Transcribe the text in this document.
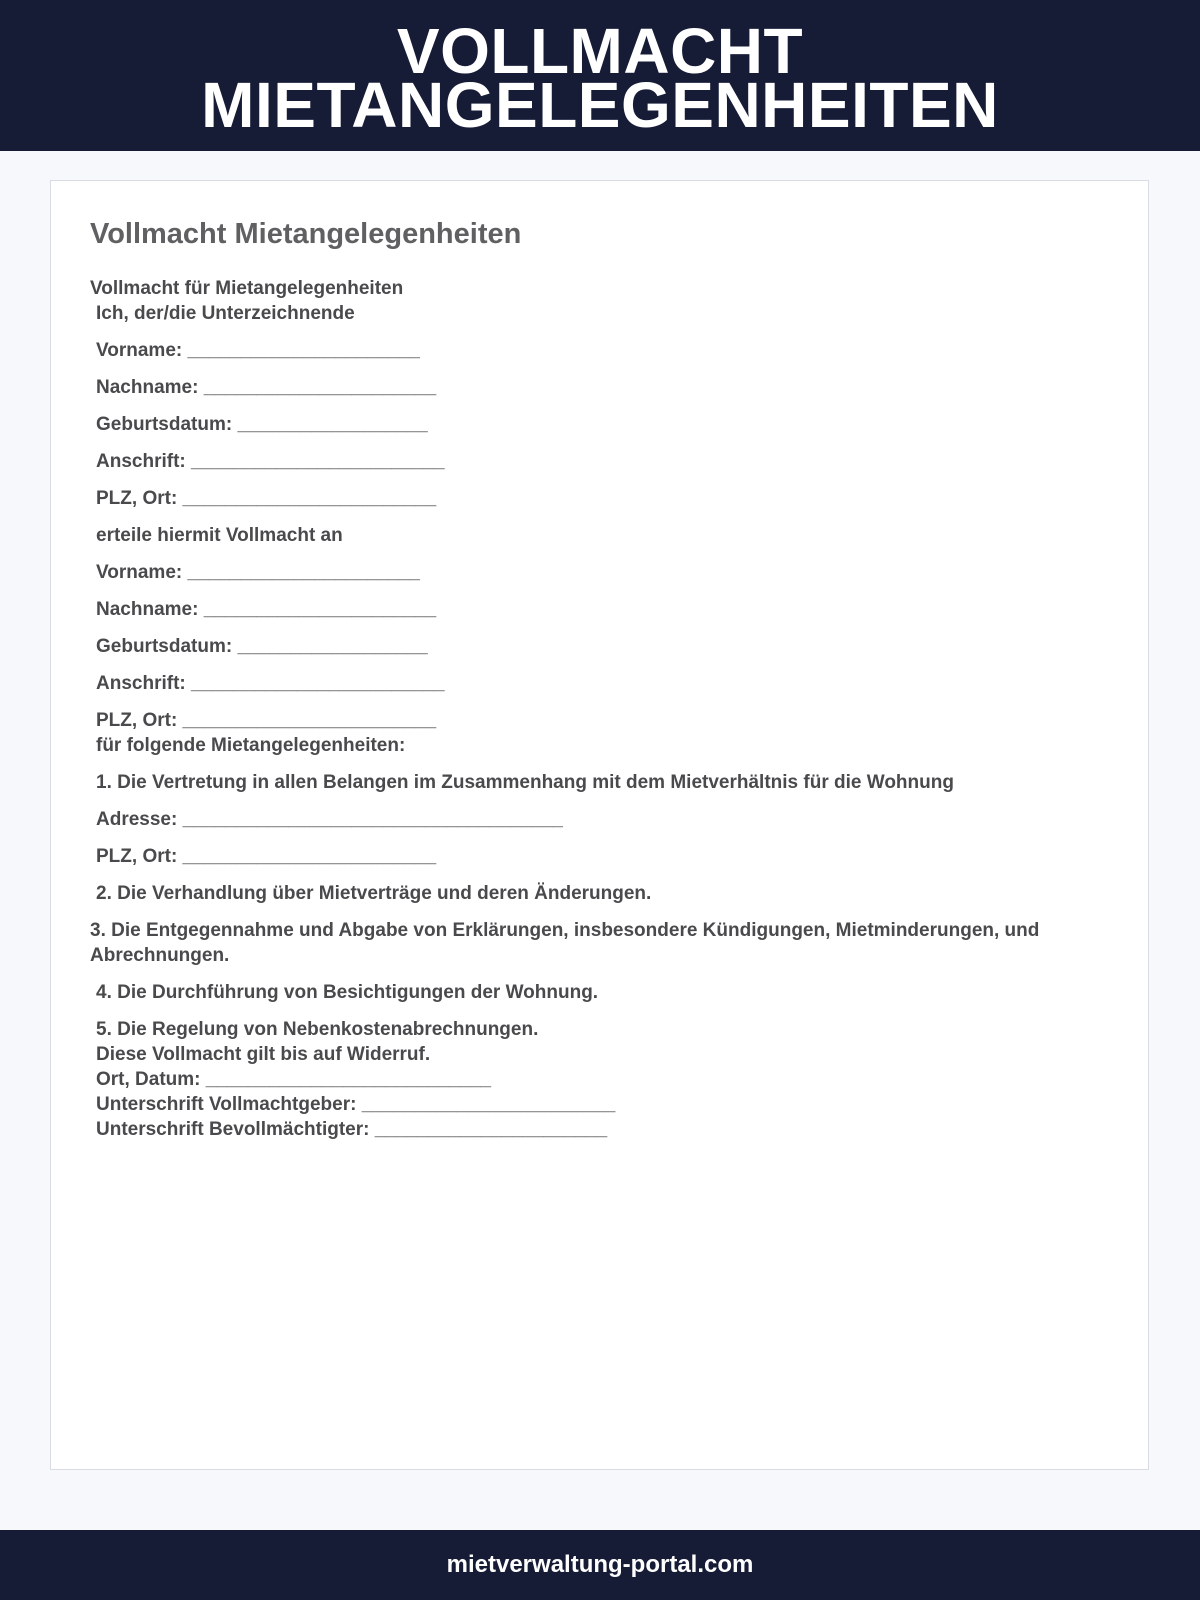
VOLLMACHT
MIETANGELEGENHEITEN
Vollmacht Mietangelegenheiten
Vollmacht für Mietangelegenheiten
Ich, der/die Unterzeichnende
Vorname: ______________________
Nachname: ______________________
Geburtsdatum: __________________
Anschrift: ________________________
PLZ, Ort: ________________________
erteile hiermit Vollmacht an
Vorname: ______________________
Nachname: ______________________
Geburtsdatum: __________________
Anschrift: ________________________
PLZ, Ort: ________________________
für folgende Mietangelegenheiten:
1. Die Vertretung in allen Belangen im Zusammenhang mit dem Mietverhältnis für die Wohnung
Adresse: ____________________________________
PLZ, Ort: ________________________
2. Die Verhandlung über Mietverträge und deren Änderungen.
3. Die Entgegennahme und Abgabe von Erklärungen, insbesondere Kündigungen, Mietminderungen, und Abrechnungen.
4. Die Durchführung von Besichtigungen der Wohnung.
5. Die Regelung von Nebenkostenabrechnungen.
Diese Vollmacht gilt bis auf Widerruf.
Ort, Datum: ___________________________
Unterschrift Vollmachtgeber: ________________________
Unterschrift Bevollmächtigter: ______________________
mietverwaltung-portal.com
